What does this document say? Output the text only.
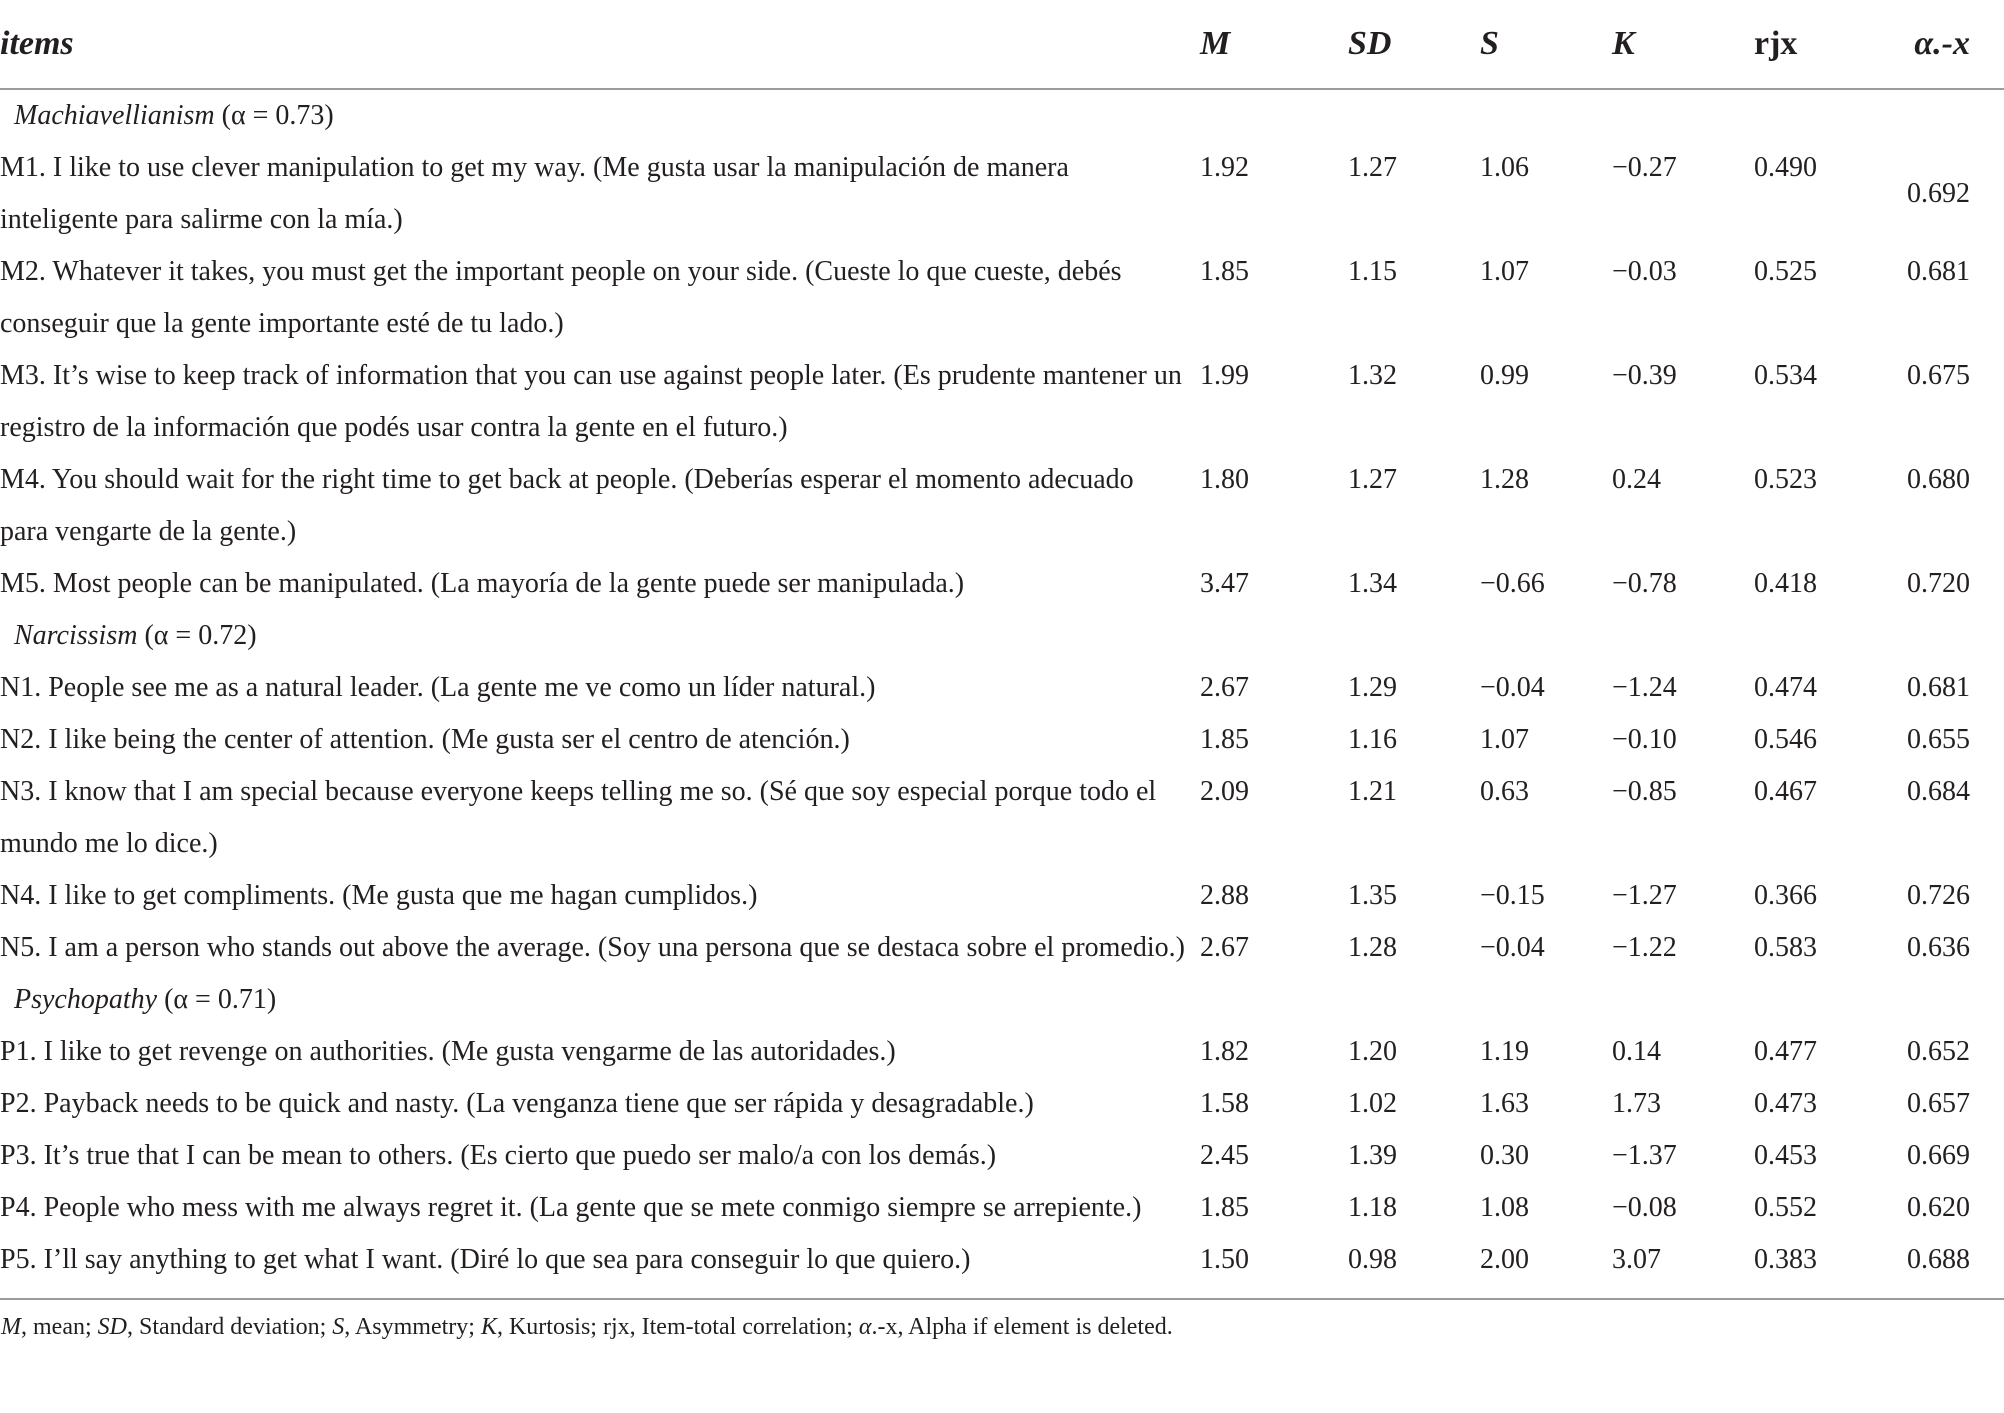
items	M	SD	S	K	rjx	α.-x
Machiavellianism (α = 0.73)						
M1. I like to use clever manipulation to get my way. (Me gusta usar la manipulación de manera inteligente para salirme con la mía.)	1.92	1.27	1.06	−0.27	0.490	0.692
M2. Whatever it takes, you must get the important people on your side. (Cueste lo que cueste, debés conseguir que la gente importante esté de tu lado.)	1.85	1.15	1.07	−0.03	0.525	0.681
M3. It’s wise to keep track of information that you can use against people later. (Es prudente mantener un registro de la información que podés usar contra la gente en el futuro.)	1.99	1.32	0.99	−0.39	0.534	0.675
M4. You should wait for the right time to get back at people. (Deberías esperar el momento adecuado para vengarte de la gente.)	1.80	1.27	1.28	0.24	0.523	0.680
M5. Most people can be manipulated. (La mayoría de la gente puede ser manipulada.)	3.47	1.34	−0.66	−0.78	0.418	0.720
Narcissism (α = 0.72)						
N1. People see me as a natural leader. (La gente me ve como un líder natural.)	2.67	1.29	−0.04	−1.24	0.474	0.681
N2. I like being the center of attention. (Me gusta ser el centro de atención.)	1.85	1.16	1.07	−0.10	0.546	0.655
N3. I know that I am special because everyone keeps telling me so. (Sé que soy especial porque todo el mundo me lo dice.)	2.09	1.21	0.63	−0.85	0.467	0.684
N4. I like to get compliments. (Me gusta que me hagan cumplidos.)	2.88	1.35	−0.15	−1.27	0.366	0.726
N5. I am a person who stands out above the average. (Soy una persona que se destaca sobre el promedio.)	2.67	1.28	−0.04	−1.22	0.583	0.636
Psychopathy (α = 0.71)						
P1. I like to get revenge on authorities. (Me gusta vengarme de las autoridades.)	1.82	1.20	1.19	0.14	0.477	0.652
P2. Payback needs to be quick and nasty. (La venganza tiene que ser rápida y desagradable.)	1.58	1.02	1.63	1.73	0.473	0.657
P3. It’s true that I can be mean to others. (Es cierto que puedo ser malo/a con los demás.)	2.45	1.39	0.30	−1.37	0.453	0.669
P4. People who mess with me always regret it. (La gente que se mete conmigo siempre se arrepiente.)	1.85	1.18	1.08	−0.08	0.552	0.620
P5. I’ll say anything to get what I want. (Diré lo que sea para conseguir lo que quiero.)	1.50	0.98	2.00	3.07	0.383	0.688
M, mean; SD, Standard deviation; S, Asymmetry; K, Kurtosis; rjx, Item-total correlation; α.-x, Alpha if element is deleted.						
